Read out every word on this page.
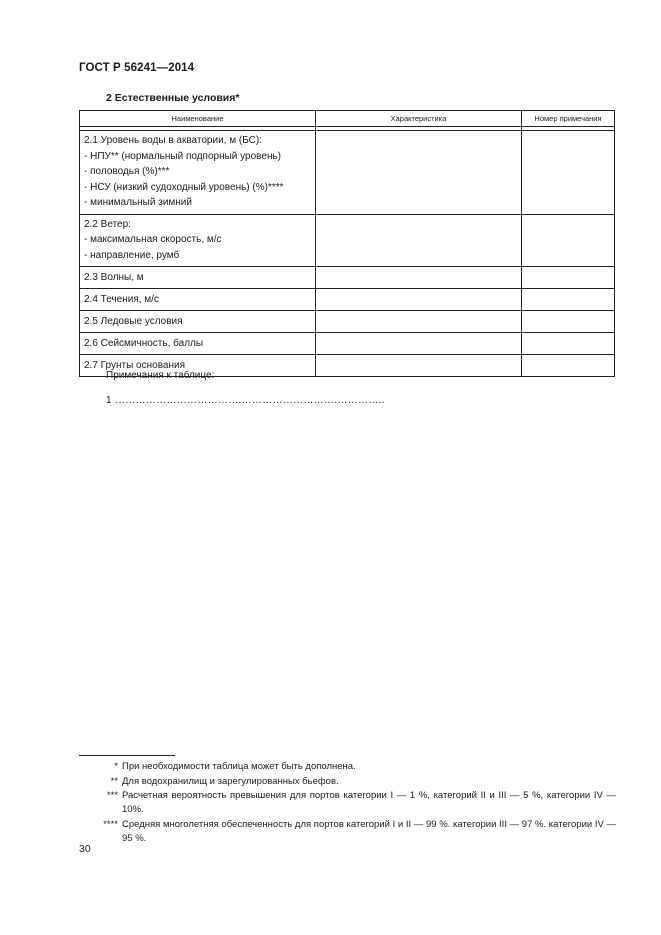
ГОСТ Р 56241—2014
2 Естественные условия*
Наименование	Характеристика	Номер примечания

2.1 Уровень воды в акватории, м (БС):
- НПУ** (нормальный подпорный уровень)
- половодья (%)***
- НСУ (низкий судоходный уровень) (%)****
- минимальный зимний		

2.2 Ветер:
- максимальная скорость, м/с
- направление, румб		

2.3 Волны, м		
2.4 Течения, м/с		
2.5 Ледовые условия		
2.6 Сейсмичность, баллы		
2.7 Грунты основания		
Примечания к таблице:
1 ……………………………….…………………….……………..
* При необходимости таблица может быть дополнена.
** Для водохранилищ и зарегулированных бьефов.
*** Расчетная вероятность превышения для портов категории I — 1 %, категорий II и III — 5 %, категории IV — 10%.
**** Средняя многолетняя обеспеченность для портов категорий I и II — 99 %. категории III — 97 %. категории IV — 95 %.
30
